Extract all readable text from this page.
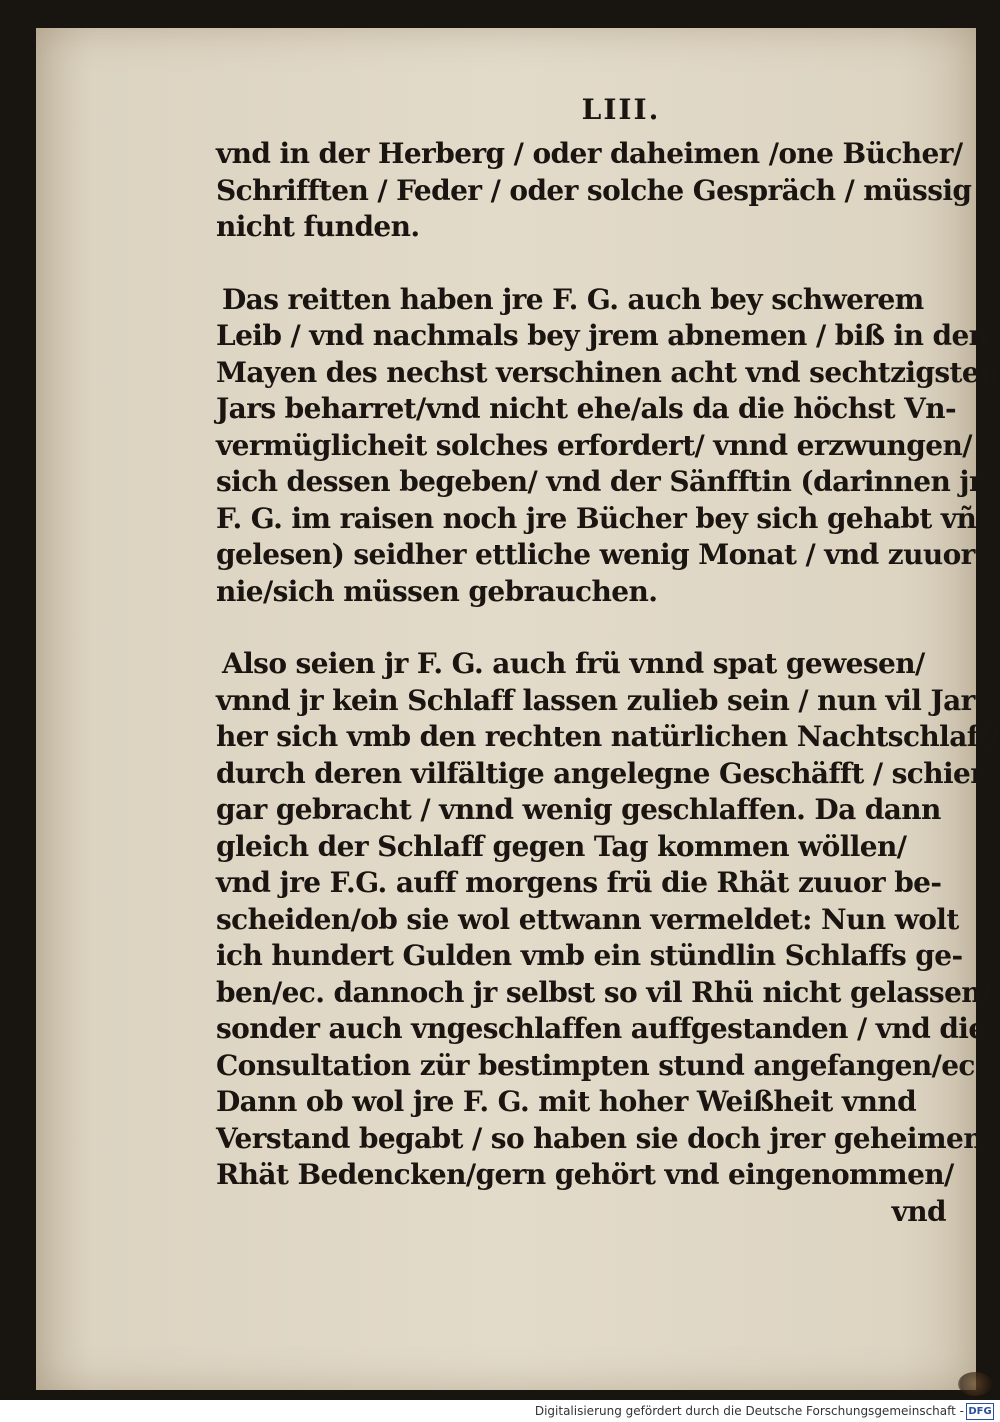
LIII.
vnd in der Herberg / oder daheimen /one Bücher/
Schrifften / Feder / oder solche Gespräch / müssig
nicht funden.
Das reitten haben jre F. G. auch bey schwerem
Leib / vnd nachmals bey jrem abnemen / biß in den
Mayen des nechst verschinen acht vnd sechtzigsten
Jars beharret/vnd nicht ehe/als da die höchst Vn-
vermüglicheit solches erfordert/ vnnd erzwungen/
sich dessen begeben/ vnd der Sänfftin (darinnen jr
F. G. im raisen noch jre Bücher bey sich gehabt vñ
gelesen) seidher ettliche wenig Monat / vnd zuuor
nie/sich müssen gebrauchen.
Also seien jr F. G. auch frü vnnd spat gewesen/
vnnd jr kein Schlaff lassen zulieb sein / nun vil Jar
her sich vmb den rechten natürlichen Nachtschlaff/
durch deren vilfältige angelegne Geschäfft / schier
gar gebracht / vnnd wenig geschlaffen. Da dann
gleich der Schlaff gegen Tag kommen wöllen/
vnd jre F.G. auff morgens frü die Rhät zuuor be-
scheiden/ob sie wol ettwann vermeldet: Nun wolt
ich hundert Gulden vmb ein stündlin Schlaffs ge-
ben/ec. dannoch jr selbst so vil Rhü nicht gelassen/
sonder auch vngeschlaffen auffgestanden / vnd die
Consultation zür bestimpten stund angefangen/ec.
Dann ob wol jre F. G. mit hoher Weißheit vnnd
Verstand begabt / so haben sie doch jrer geheimen
Rhät Bedencken/gern gehört vnd eingenommen/
vnd
Digitalisierung gefördert durch die Deutsche Forschungsgemeinschaft - DFG
